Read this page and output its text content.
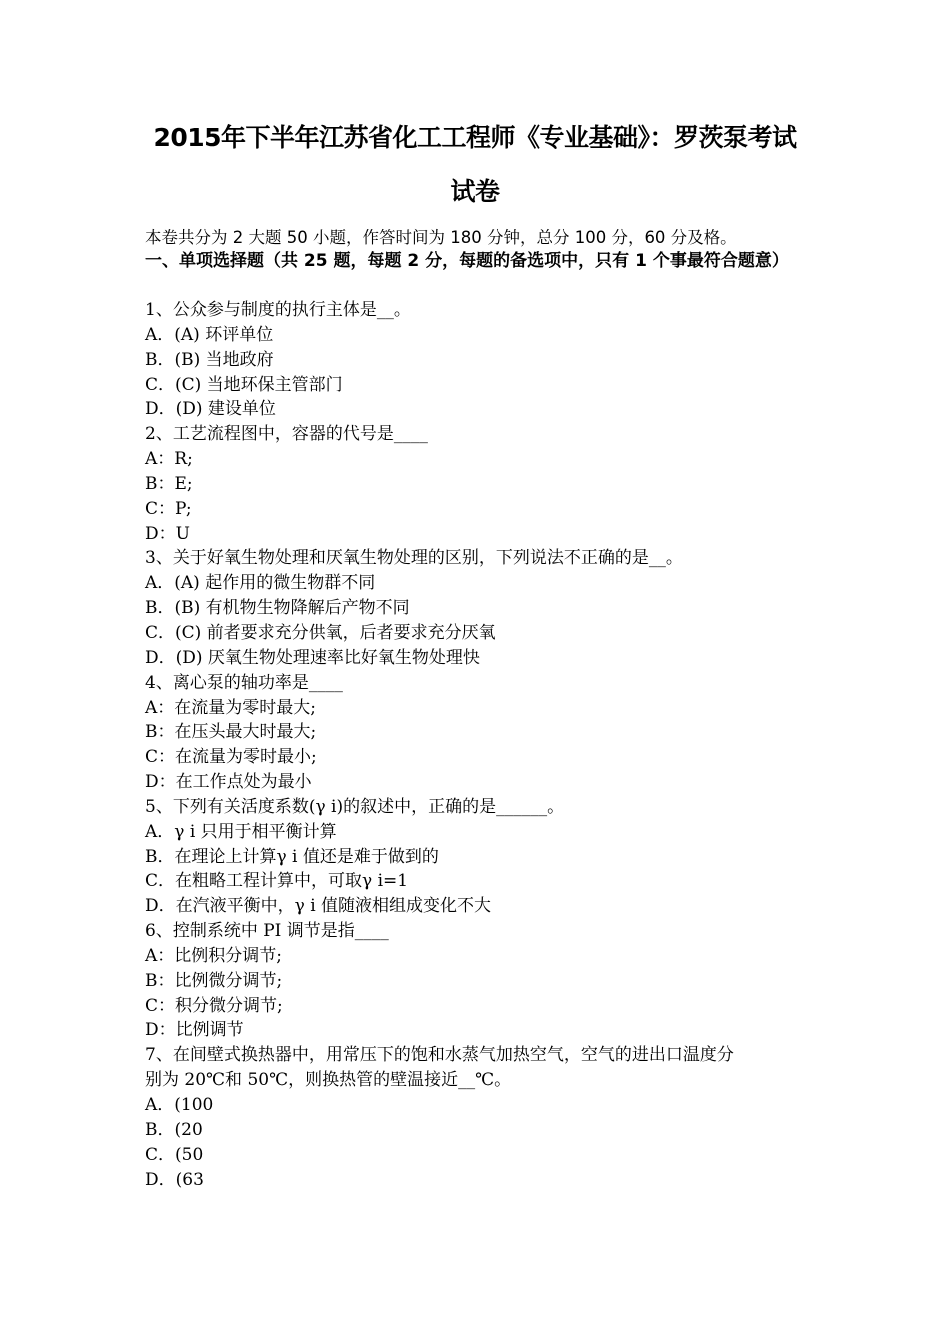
2015年下半年江苏省化工工程师《专业基础》：罗茨泵考试
试卷
本卷共分为 2 大题 50 小题，作答时间为 180 分钟，总分 100 分，60 分及格。
一、单项选择题（共 25 题，每题 2 分，每题的备选项中，只有 1 个事最符合题意）
1、公众参与制度的执行主体是__。
A．(A) 环评单位
B．(B) 当地政府
C．(C) 当地环保主管部门
D．(D) 建设单位
2、工艺流程图中，容器的代号是____
A：R;
B：E;
C：P;
D：U
3、关于好氧生物处理和厌氧生物处理的区别，下列说法不正确的是__。
A．(A) 起作用的微生物群不同
B．(B) 有机物生物降解后产物不同
C．(C) 前者要求充分供氧，后者要求充分厌氧
D．(D) 厌氧生物处理速率比好氧生物处理快
4、离心泵的轴功率是____
A：在流量为零时最大;
B：在压头最大时最大;
C：在流量为零时最小;
D：在工作点处为最小
5、下列有关活度系数(γ i)的叙述中，正确的是______。
A．γ i 只用于相平衡计算
B．在理论上计算γ i 值还是难于做到的
C．在粗略工程计算中，可取γ i=1
D．在汽液平衡中，γ i 值随液相组成变化不大
6、控制系统中 PI 调节是指____
A：比例积分调节;
B：比例微分调节;
C：积分微分调节;
D：比例调节
7、在间壁式换热器中，用常压下的饱和水蒸气加热空气，空气的进出口温度分
别为 20℃和 50℃，则换热管的壁温接近__℃。
A．(100
B．(20
C．(50
D．(63
